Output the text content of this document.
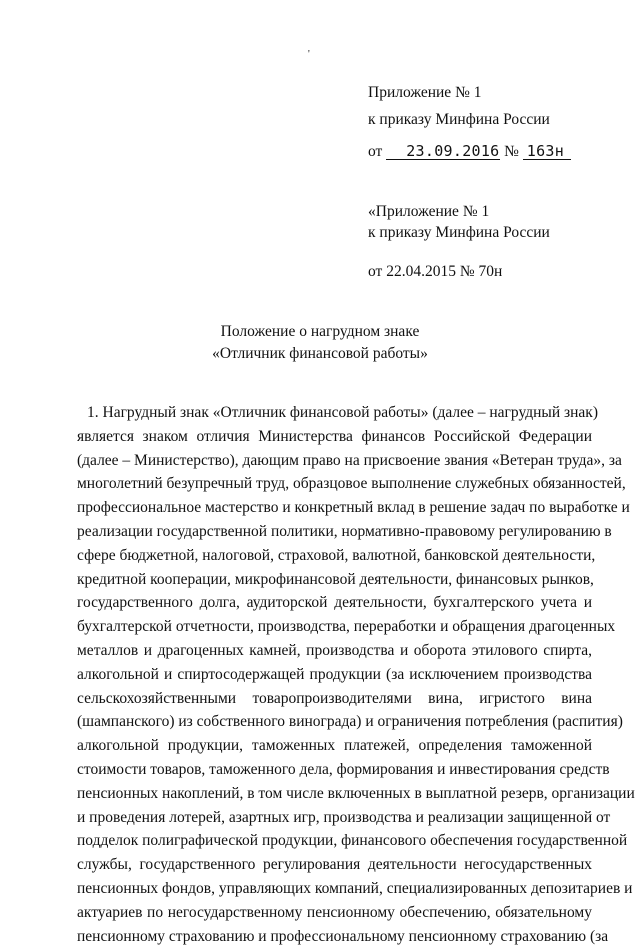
'
Приложение № 1
к приказу Минфина России
от 23.09.2016 № 163н
«Приложение № 1
к приказу Минфина России
от 22.04.2015 № 70н
Положение о нагрудном знаке
«Отличник финансовой работы»
1. Нагрудный знак «Отличник финансовой работы» (далее – нагрудный знак)
является знаком отличия Министерства финансов Российской Федерации
(далее – Министерство), дающим право на присвоение звания «Ветеран труда», за
многолетний безупречный труд, образцовое выполнение служебных обязанностей,
профессиональное мастерство и конкретный вклад в решение задач по выработке и
реализации государственной политики, нормативно-правовому регулированию в
сфере бюджетной, налоговой, страховой, валютной, банковской деятельности,
кредитной кооперации, микрофинансовой деятельности, финансовых рынков,
государственного долга, аудиторской деятельности, бухгалтерского учета и
бухгалтерской отчетности, производства, переработки и обращения драгоценных
металлов и драгоценных камней, производства и оборота этилового спирта,
алкогольной и спиртосодержащей продукции (за исключением производства
сельскохозяйственными товаропроизводителями вина, игристого вина
(шампанского) из собственного винограда) и ограничения потребления (распития)
алкогольной продукции, таможенных платежей, определения таможенной
стоимости товаров, таможенного дела, формирования и инвестирования средств
пенсионных накоплений, в том числе включенных в выплатной резерв, организации
и проведения лотерей, азартных игр, производства и реализации защищенной от
подделок полиграфической продукции, финансового обеспечения государственной
службы, государственного регулирования деятельности негосударственных
пенсионных фондов, управляющих компаний, специализированных депозитариев и
актуариев по негосударственному пенсионному обеспечению, обязательному
пенсионному страхованию и профессиональному пенсионному страхованию (за
